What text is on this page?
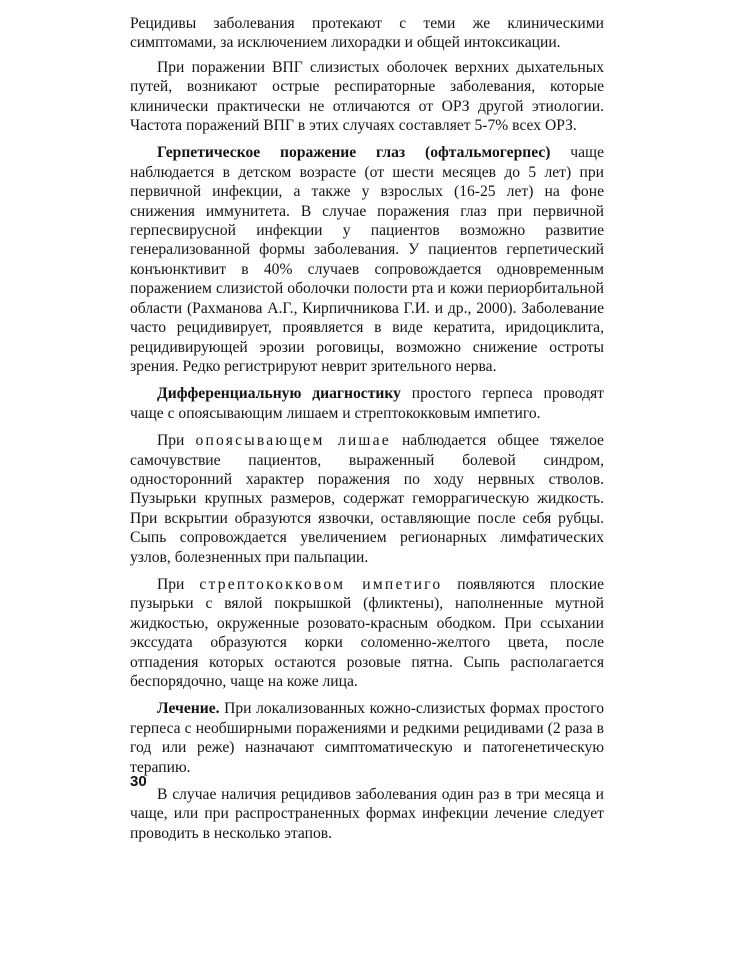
Рецидивы заболевания протекают с теми же клиническими симптомами, за исключением лихорадки и общей интоксикации.

При поражении ВПГ слизистых оболочек верхних дыхательных путей, возникают острые респираторные заболевания, которые клинически практически не отличаются от ОРЗ другой этиологии. Частота поражений ВПГ в этих случаях составляет 5-7% всех ОРЗ.

Герпетическое поражение глаз (офтальмогерпес) чаще наблюдается в детском возрасте (от шести месяцев до 5 лет) при первичной инфекции, а также у взрослых (16-25 лет) на фоне снижения иммунитета. В случае поражения глаз при первичной герпесвирусной инфекции у пациентов возможно развитие генерализованной формы заболевания. У пациентов герпетический конъюнктивит в 40% случаев сопровождается одновременным поражением слизистой оболочки полости рта и кожи периорбитальной области (Рахманова А.Г., Кирпичникова Г.И. и др., 2000). Заболевание часто рецидивирует, проявляется в виде кератита, иридоциклита, рецидивирующей эрозии роговицы, возможно снижение остроты зрения. Редко регистрируют неврит зрительного нерва.

Дифференциальную диагностику простого герпеса проводят чаще с опоясывающим лишаем и стрептококковым импетиго.

При опоясывающем лишае наблюдается общее тяжелое самочувствие пациентов, выраженный болевой синдром, односторонний характер поражения по ходу нервных стволов. Пузырьки крупных размеров, содержат геморрагическую жидкость. При вскрытии образуются язвочки, оставляющие после себя рубцы. Сыпь сопровождается увеличением регионарных лимфатических узлов, болезненных при пальпации.

При стрептококковом импетиго появляются плоские пузырьки с вялой покрышкой (фликтены), наполненные мутной жидкостью, окруженные розовато-красным ободком. При ссыхании экссудата образуются корки соломенно-желтого цвета, после отпадения которых остаются розовые пятна. Сыпь располагается беспорядочно, чаще на коже лица.

Лечение. При локализованных кожно-слизистых формах простого герпеса с необширными поражениями и редкими рецидивами (2 раза в год или реже) назначают симптоматическую и патогенетическую терапию.

В случае наличия рецидивов заболевания один раз в три месяца и чаще, или при распространенных формах инфекции лечение следует проводить в несколько этапов.

30
